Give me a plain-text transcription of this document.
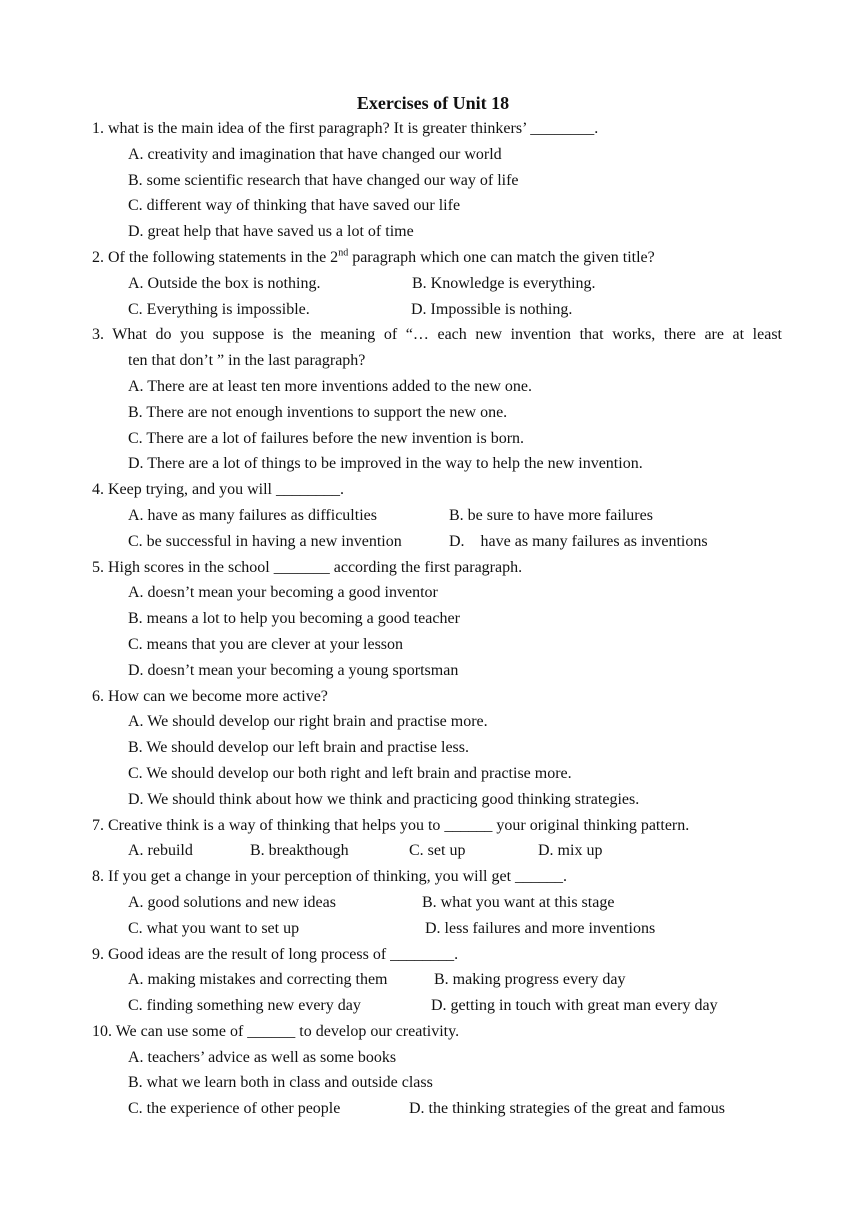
Exercises of Unit 18
1. what is the main idea of the first paragraph? It is greater thinkers’ ________.
A. creativity and imagination that have changed our world
B. some scientific research that have changed our way of life
C. different way of thinking that have saved our life
D. great help that have saved us a lot of time
2. Of the following statements in the 2nd paragraph which one can match the given title?
A. Outside the box is nothing.	B. Knowledge is everything.
C. Everything is impossible.	D. Impossible is nothing.
3. What do you suppose is the meaning of “… each new invention that works, there are at least
ten that don’t ” in the last paragraph?
A. There are at least ten more inventions added to the new one.
B. There are not enough inventions to support the new one.
C. There are a lot of failures before the new invention is born.
D. There are a lot of things to be improved in the way to help the new invention.
4. Keep trying, and you will ________.
A. have as many failures as difficulties	B. be sure to have more failures
C. be successful in having a new invention	D.    have as many failures as inventions
5. High scores in the school _______ according the first paragraph.
A. doesn’t mean your becoming a good inventor
B. means a lot to help you becoming a good teacher
C. means that you are clever at your lesson
D. doesn’t mean your becoming a young sportsman
6. How can we become more active?
A. We should develop our right brain and practise more.
B. We should develop our left brain and practise less.
C. We should develop our both right and left brain and practise more.
D. We should think about how we think and practicing good thinking strategies.
7. Creative think is a way of thinking that helps you to ______ your original thinking pattern.
A. rebuild	B. breakthough	C. set up	D. mix up
8. If you get a change in your perception of thinking, you will get ______.
A. good solutions and new ideas	B. what you want at this stage
C. what you want to set up	D. less failures and more inventions
9. Good ideas are the result of long process of ________.
A. making mistakes and correcting them	B. making progress every day
C. finding something new every day	D. getting in touch with great man every day
10. We can use some of ______ to develop our creativity.
A. teachers’ advice as well as some books
B. what we learn both in class and outside class
C. the experience of other people	D. the thinking strategies of the great and famous
